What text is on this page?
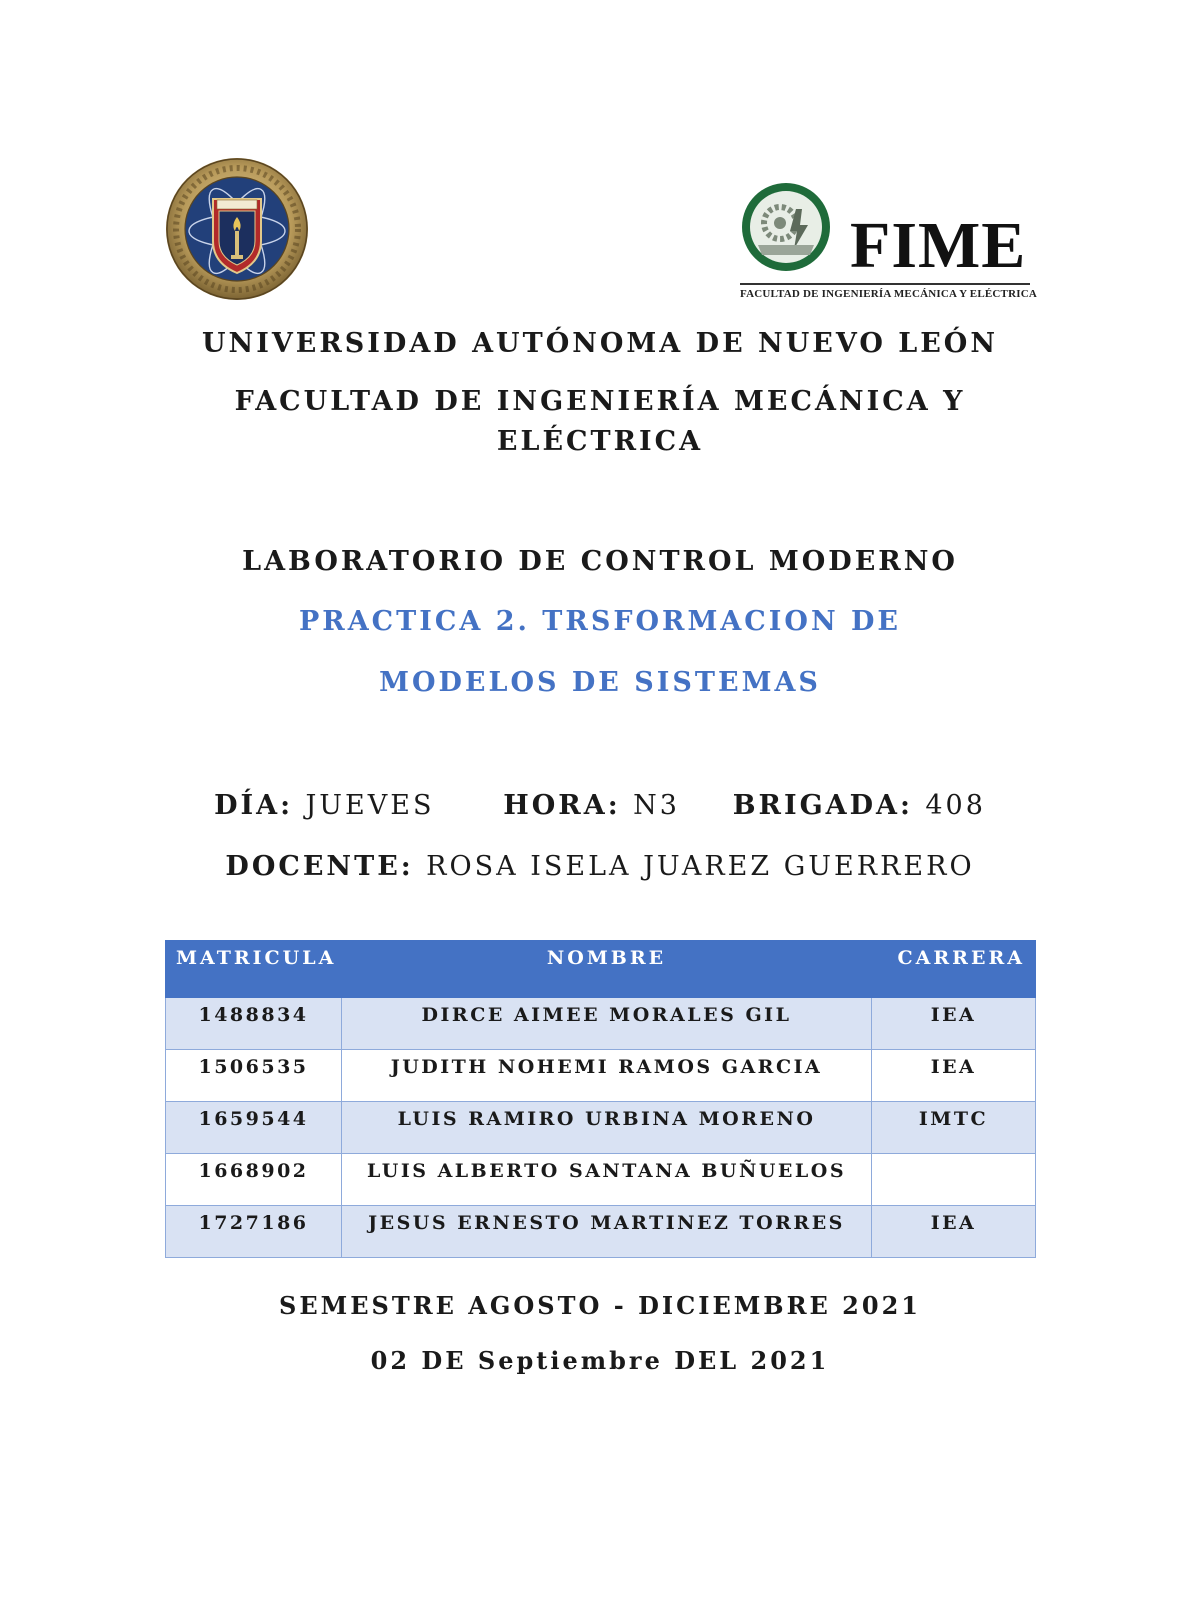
FIME
FACULTAD DE INGENIERÍA MECÁNICA Y ELÉCTRICA
UNIVERSIDAD AUTÓNOMA DE NUEVO LEÓN
FACULTAD DE INGENIERÍA MECÁNICA Y
ELÉCTRICA
LABORATORIO DE CONTROL MODERNO
PRACTICA 2. TRSFORMACION DE
MODELOS DE SISTEMAS
DÍA: JUEVES	HORA: N3 BRIGADA: 408
DOCENTE: ROSA ISELA JUAREZ GUERRERO
MATRICULA	NOMBRE	CARRERA
1488834	DIRCE AIMEE MORALES GIL	IEA
1506535	JUDITH NOHEMI RAMOS GARCIA	IEA
1659544	LUIS RAMIRO URBINA MORENO	IMTC
1668902	LUIS ALBERTO SANTANA BUÑUELOS	
1727186	JESUS ERNESTO MARTINEZ TORRES	IEA
SEMESTRE AGOSTO - DICIEMBRE 2021
02 DE Septiembre DEL 2021
